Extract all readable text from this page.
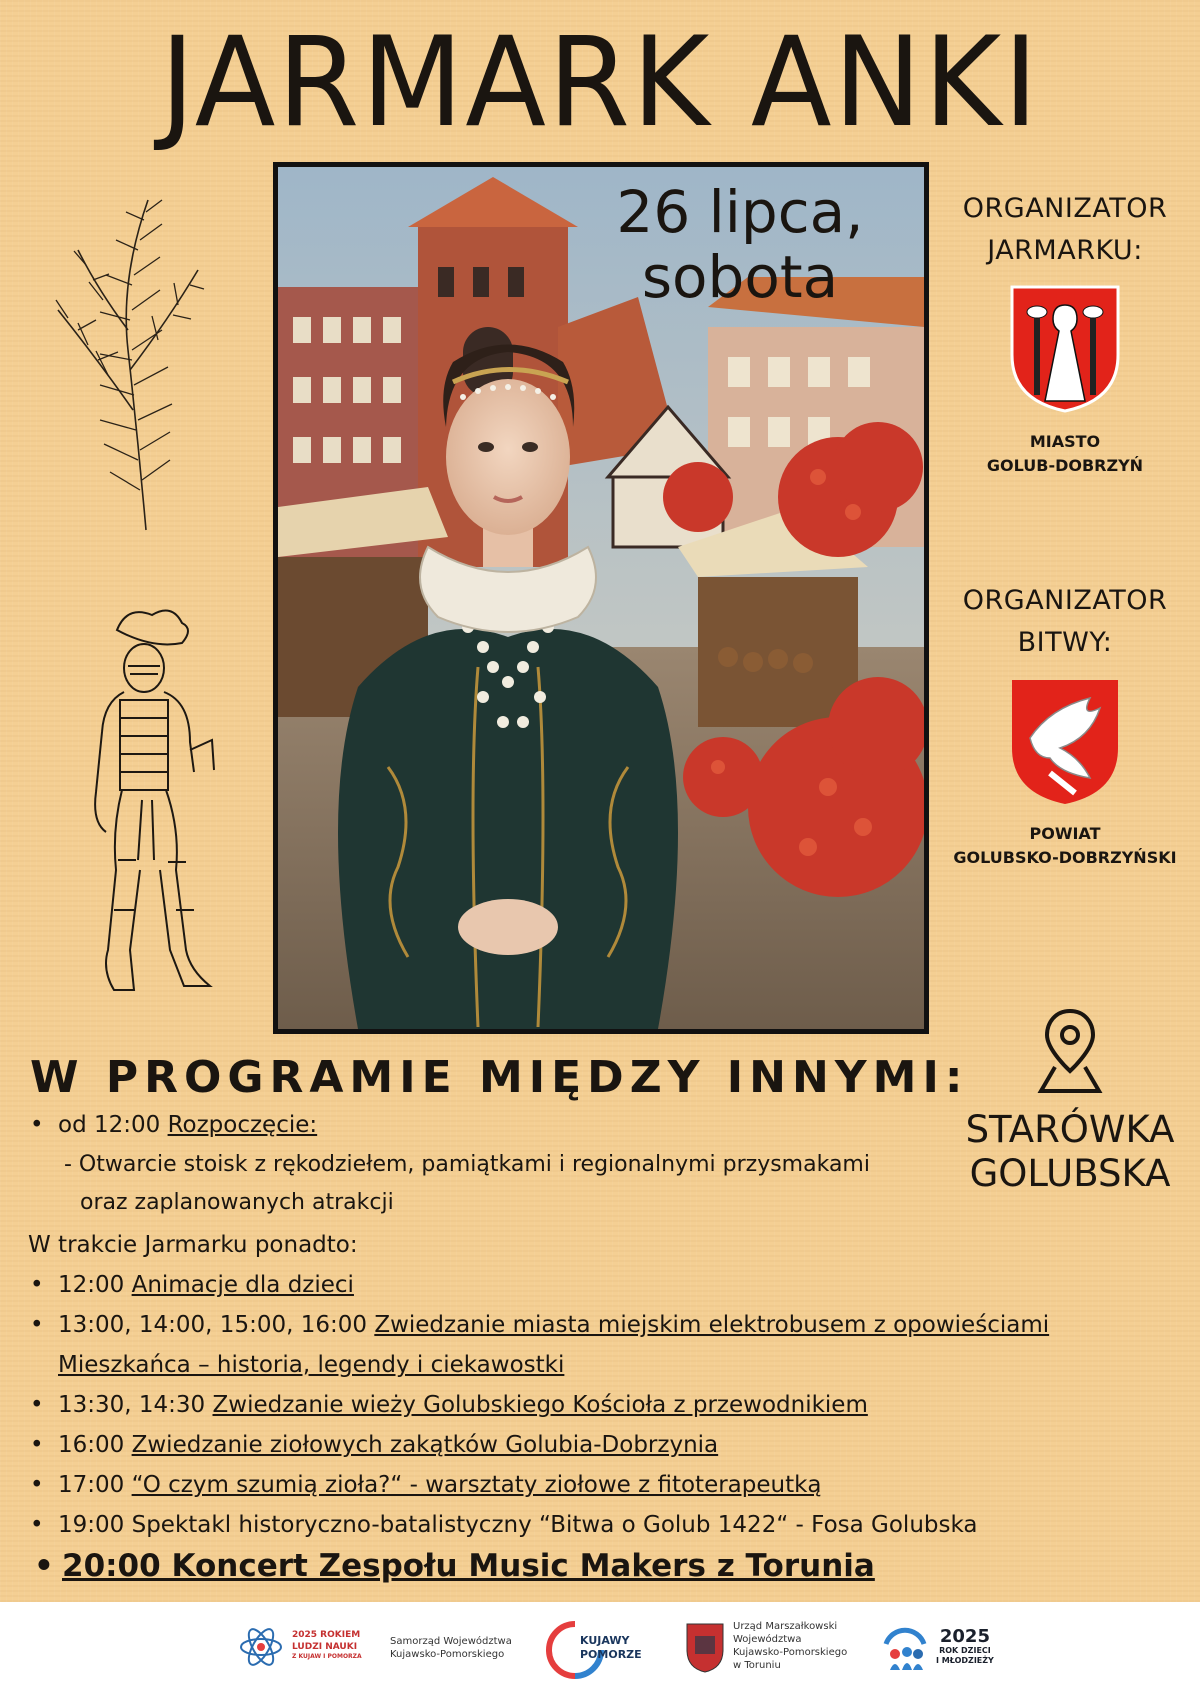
JARMARK ANKI
26 lipca,
sobota
ORGANIZATOR
JARMARKU:
MIASTO
GOLUB-DOBRZYŃ
ORGANIZATOR
BITWY:
POWIAT
GOLUBSKO-DOBRZYŃSKI
STARÓWKA
GOLUBSKA
W PROGRAMIE MIĘDZY INNYMI:
• od 12:00 Rozpoczęcie:
- Otwarcie stoisk z rękodziełem, pamiątkami i regionalnymi przysmakami
oraz zaplanowanych atrakcji
W trakcie Jarmarku ponadto:
• 12:00 Animacje dla dzieci
• 13:00, 14:00, 15:00, 16:00 Zwiedzanie miasta miejskim elektrobusem z opowieściami
Mieszkańca – historia, legendy i ciekawostki
• 13:30, 14:30 Zwiedzanie wieży Golubskiego Kościoła z przewodnikiem
• 16:00 Zwiedzanie ziołowych zakątków Golubia-Dobrzynia
• 17:00 “O czym szumią zioła?“ - warsztaty ziołowe z fitoterapeutką
• 19:00 Spektakl historyczno-batalistyczny “Bitwa o Golub 1422“ - Fosa Golubska
• 20:00 Koncert Zespołu Music Makers z Torunia
2025 ROKIEM
LUDZI NAUKI
Z KUJAW I POMORZA
Samorząd Województwa
Kujawsko-Pomorskiego
KUJAWY
POMORZE
Urząd Marszałkowski
Województwa
Kujawsko-Pomorskiego
w Toruniu
2025
ROK DZIECI
I MŁODZIEŻY
